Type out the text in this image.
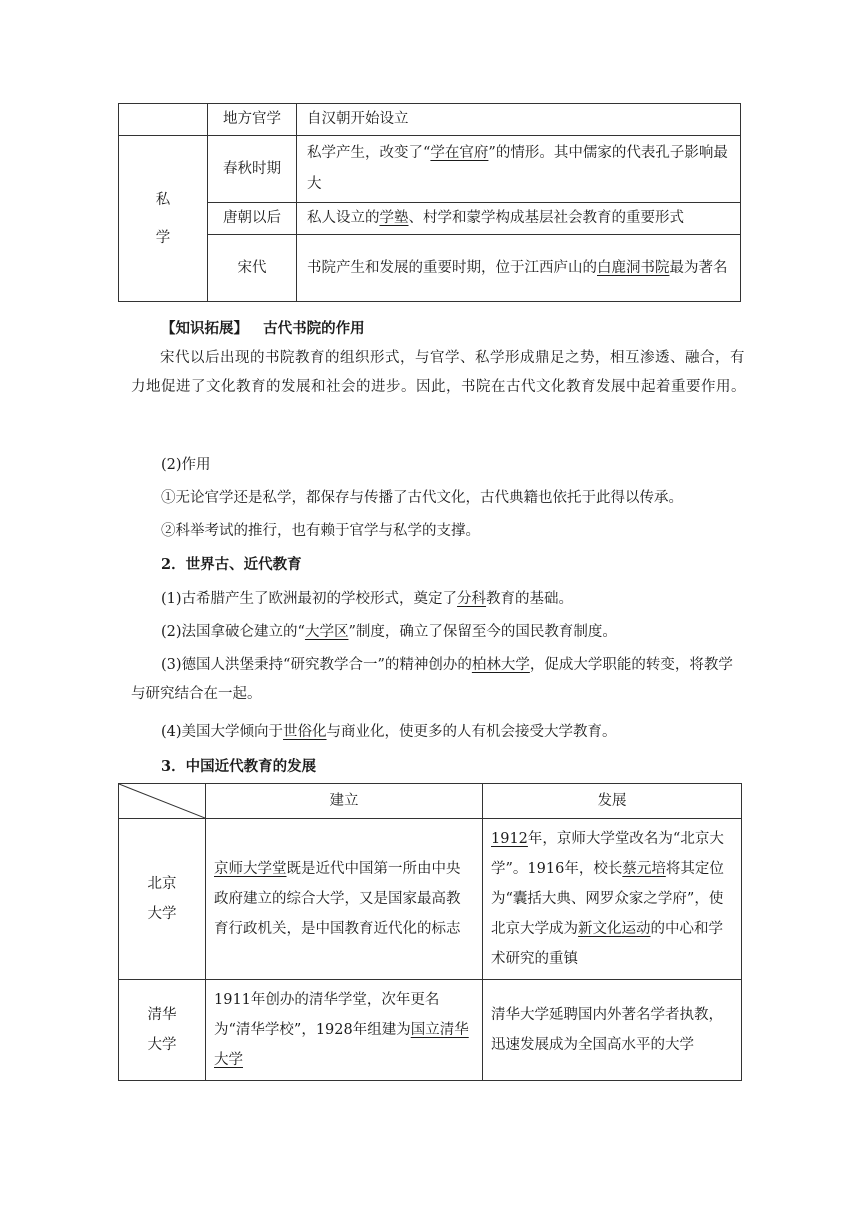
	地方官学	自汉朝开始设立
私
学	春秋时期	私学产生，改变了“学在官府”的情形。其中儒家的代表孔子影响最大
	唐朝以后	私人设立的学塾、村学和蒙学构成基层社会教育的重要形式
	宋代	书院产生和发展的重要时期，位于江西庐山的白鹿洞书院最为著名
【知识拓展】 古代书院的作用
宋代以后出现的书院教育的组织形式，与官学、私学形成鼎足之势，相互渗透、融合，有力地促进了文化教育的发展和社会的进步。因此，书院在古代文化教育发展中起着重要作用。
(2)作用
①无论官学还是私学，都保存与传播了古代文化，古代典籍也依托于此得以传承。
②科举考试的推行，也有赖于官学与私学的支撑。
2．世界古、近代教育
(1)古希腊产生了欧洲最初的学校形式，奠定了分科教育的基础。
(2)法国拿破仑建立的“大学区”制度，确立了保留至今的国民教育制度。
(3)德国人洪堡秉持“研究教学合一”的精神创办的柏林大学，促成大学职能的转变，将教学与研究结合在一起。
(4)美国大学倾向于世俗化与商业化，使更多的人有机会接受大学教育。
3．中国近代教育的发展
	建立	发展
北京
大学	京师大学堂既是近代中国第一所由中央政府建立的综合大学，又是国家最高教育行政机关，是中国教育近代化的标志	1912年，京师大学堂改名为“北京大学”。1916年，校长蔡元培将其定位为“囊括大典、网罗众家之学府”，使北京大学成为新文化运动的中心和学术研究的重镇
清华
大学	1911年创办的清华学堂，次年更名为“清华学校”，1928年组建为国立清华大学	清华大学延聘国内外著名学者执教，迅速发展成为全国高水平的大学
